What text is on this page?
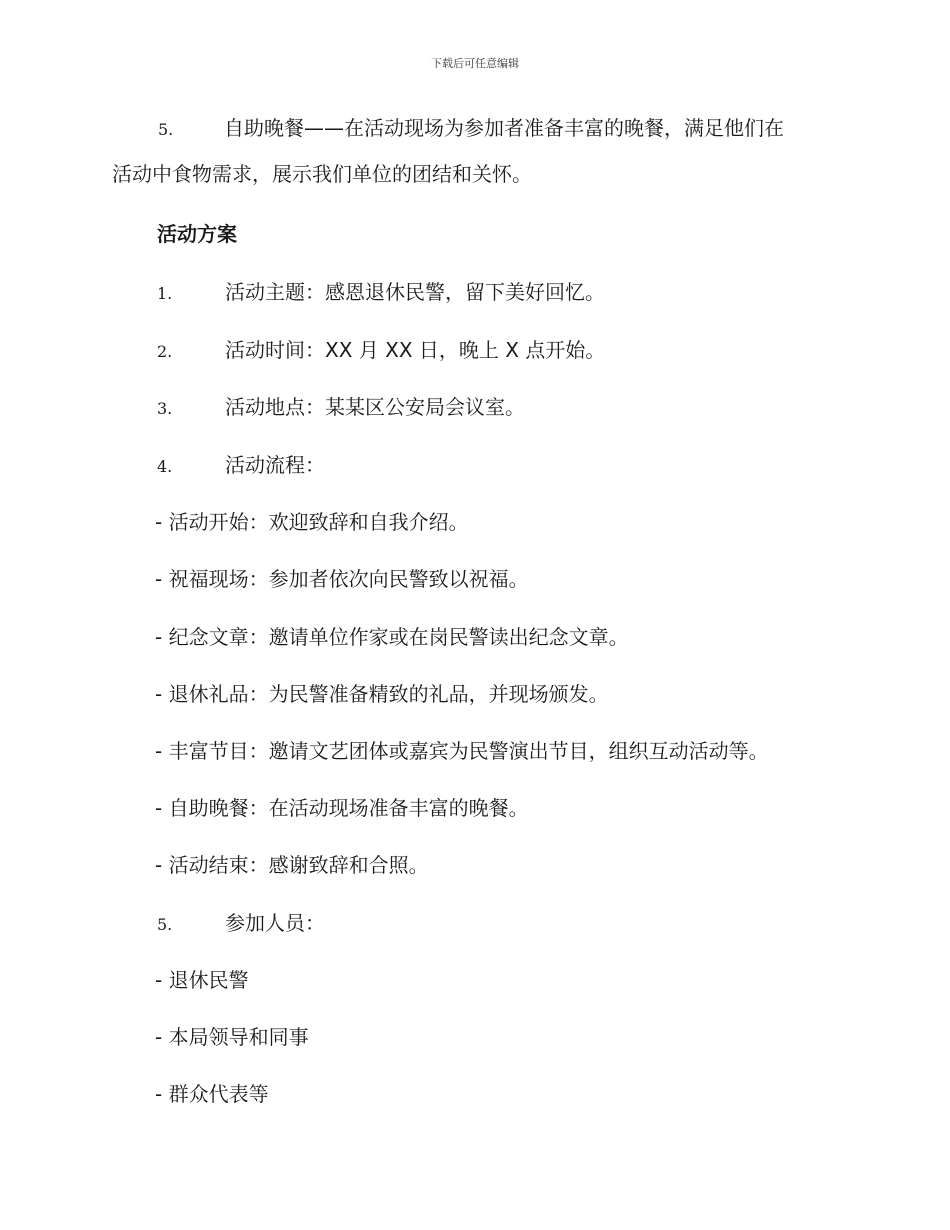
下载后可任意编辑
5.	自助晚餐——在活动现场为参加者准备丰富的晚餐，满足他们在
活动中食物需求，展示我们单位的团结和关怀。
活动方案
1.	活动主题：感恩退休民警，留下美好回忆。
2.	活动时间：XX 月 XX 日，晚上 X 点开始。
3.	活动地点：某某区公安局会议室。
4.	活动流程：
- 活动开始：欢迎致辞和自我介绍。
- 祝福现场：参加者依次向民警致以祝福。
- 纪念文章：邀请单位作家或在岗民警读出纪念文章。
- 退休礼品：为民警准备精致的礼品，并现场颁发。
- 丰富节目：邀请文艺团体或嘉宾为民警演出节目，组织互动活动等。
- 自助晚餐：在活动现场准备丰富的晚餐。
- 活动结束：感谢致辞和合照。
5.	参加人员：
- 退休民警
- 本局领导和同事
- 群众代表等
